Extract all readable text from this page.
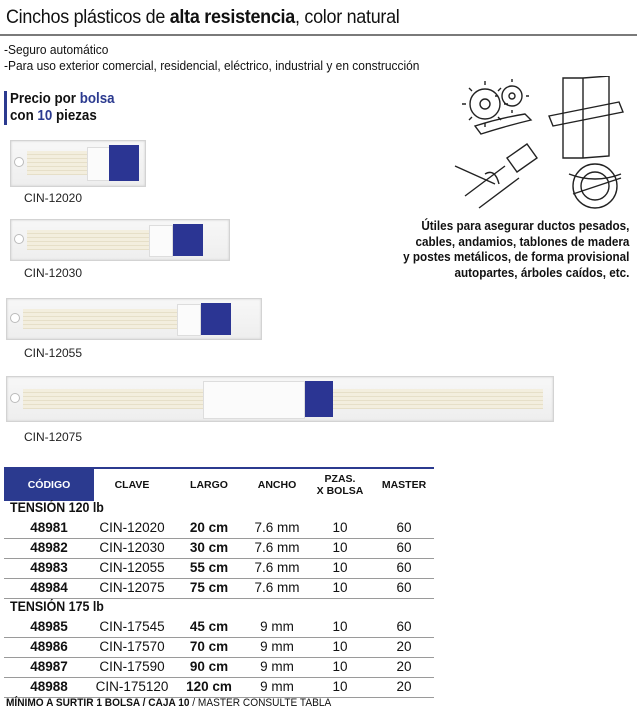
Cinchos plásticos de alta resistencia, color natural
-Seguro automático
-Para uso exterior comercial, residencial, eléctrico, industrial y en construcción
Precio por bolsa
con 10 piezas
CIN-12020
CIN-12030
CIN-12055
CIN-12075
Útiles para asegurar ductos pesados,
cables, andamios, tablones de madera
y postes metálicos, de forma provisional
autopartes, árboles caídos, etc.
CÓDIGO	CLAVE	LARGO	ANCHO	PZAS.
X BOLSA	MASTER
TENSIÓN 120 lb
48981	CIN-12020	20 cm	7.6 mm	10	60
48982	CIN-12030	30 cm	7.6 mm	10	60
48983	CIN-12055	55 cm	7.6 mm	10	60
48984	CIN-12075	75 cm	7.6 mm	10	60
TENSIÓN 175 lb
48985	CIN-17545	45 cm	9 mm	10	60
48986	CIN-17570	70 cm	9 mm	10	20
48987	CIN-17590	90 cm	9 mm	10	20
48988	CIN-175120	120 cm	9 mm	10	20
MÍNIMO A SURTIR 1 BOLSA / CAJA 10 / MASTER CONSULTE TABLA
